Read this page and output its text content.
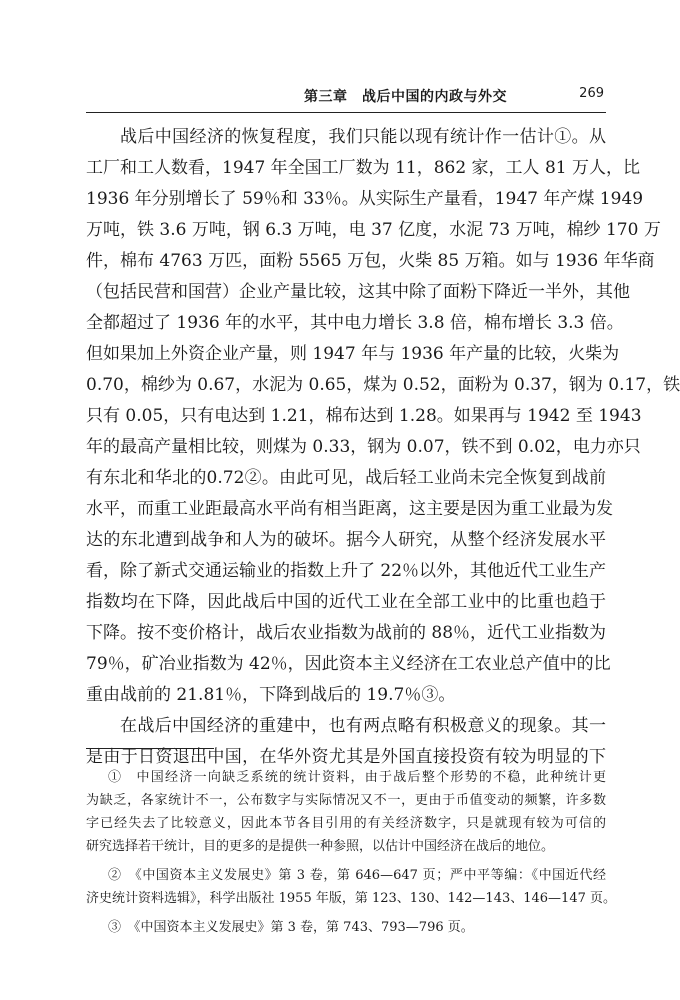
第三章　战后中国的内政与外交	269
战后中国经济的恢复程度，我们只能以现有统计作一估计①。从
工厂和工人数看，1947 年全国工厂数为 11，862 家，工人 81 万人，比
1936 年分别增长了 59％和 33％。从实际生产量看，1947 年产煤 1949
万吨，铁 3.6 万吨，钢 6.3 万吨，电 37 亿度，水泥 73 万吨，棉纱 170 万
件，棉布 4763 万匹，面粉 5565 万包，火柴 85 万箱。如与 1936 年华商
（包括民营和国营）企业产量比较，这其中除了面粉下降近一半外，其他
全都超过了 1936 年的水平，其中电力增长 3.8 倍，棉布增长 3.3 倍。
但如果加上外资企业产量，则 1947 年与 1936 年产量的比较，火柴为
0.70，棉纱为 0.67，水泥为 0.65，煤为 0.52，面粉为 0.37，钢为 0.17，铁
只有 0.05，只有电达到 1.21，棉布达到 1.28。如果再与 1942 至 1943
年的最高产量相比较，则煤为 0.33，钢为 0.07，铁不到 0.02，电力亦只
有东北和华北的0.72②。由此可见，战后轻工业尚未完全恢复到战前
水平，而重工业距最高水平尚有相当距离，这主要是因为重工业最为发
达的东北遭到战争和人为的破坏。据今人研究，从整个经济发展水平
看，除了新式交通运输业的指数上升了 22％以外，其他近代工业生产
指数均在下降，因此战后中国的近代工业在全部工业中的比重也趋于
下降。按不变价格计，战后农业指数为战前的 88％，近代工业指数为
79％，矿冶业指数为 42％，因此资本主义经济在工农业总产值中的比
重由战前的 21.81％，下降到战后的 19.7％③。
在战后中国经济的重建中，也有两点略有积极意义的现象。其一
是由于日资退出中国，在华外资尤其是外国直接投资有较为明显的下
①　中国经济一向缺乏系统的统计资料，由于战后整个形势的不稳，此种统计更
为缺乏，各家统计不一，公布数字与实际情况又不一，更由于币值变动的频繁，许多数
字已经失去了比较意义，因此本节各目引用的有关经济数字，只是就现有较为可信的
研究选择若干统计，目的更多的是提供一种参照，以估计中国经济在战后的地位。
②　《中国资本主义发展史》第 3 卷，第 646—647 页；严中平等编：《中国近代经
济史统计资料选辑》，科学出版社 1955 年版，第 123、130、142—143、146—147 页。
③　《中国资本主义发展史》第 3 卷，第 743、793—796 页。
